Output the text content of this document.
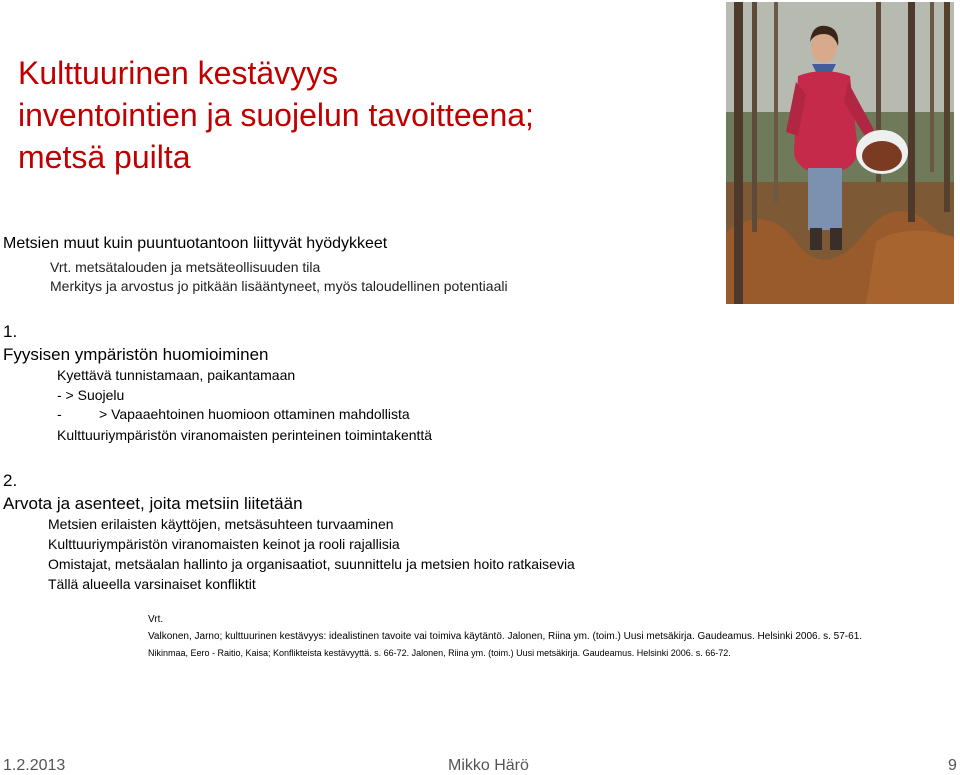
Kulttuurinen kestävyys
inventointien ja suojelun tavoitteena;
metsä puilta
Metsien muut kuin puuntuotantoon liittyvät hyödykkeet
Vrt. metsätalouden ja metsäteollisuuden tila
Merkitys ja arvostus jo pitkään lisääntyneet, myös taloudellinen potentiaali
1.
Fyysisen ympäristön huomioiminen
Kyettävä tunnistamaan, paikantamaan
- > Suojelu
-	> Vapaaehtoinen huomioon ottaminen mahdollista
Kulttuuriympäristön viranomaisten perinteinen toimintakenttä
2.
Arvota ja asenteet, joita metsiin liitetään
Metsien erilaisten käyttöjen, metsäsuhteen turvaaminen
Kulttuuriympäristön viranomaisten keinot ja rooli rajallisia
Omistajat, metsäalan hallinto ja organisaatiot, suunnittelu ja metsien hoito ratkaisevia
Tällä alueella varsinaiset konfliktit
Vrt.
Valkonen, Jarno; kulttuurinen kestävyys: idealistinen tavoite vai toimiva käytäntö. Jalonen, Riina ym. (toim.) Uusi metsäkirja. Gaudeamus. Helsinki 2006. s. 57-61.
Nikinmaa, Eero - Raitio, Kaisa; Konflikteista kestävyyttä. s. 66-72. Jalonen, Riina ym. (toim.) Uusi metsäkirja. Gaudeamus. Helsinki 2006. s. 66-72.
1.2.2013	Mikko Härö	9
